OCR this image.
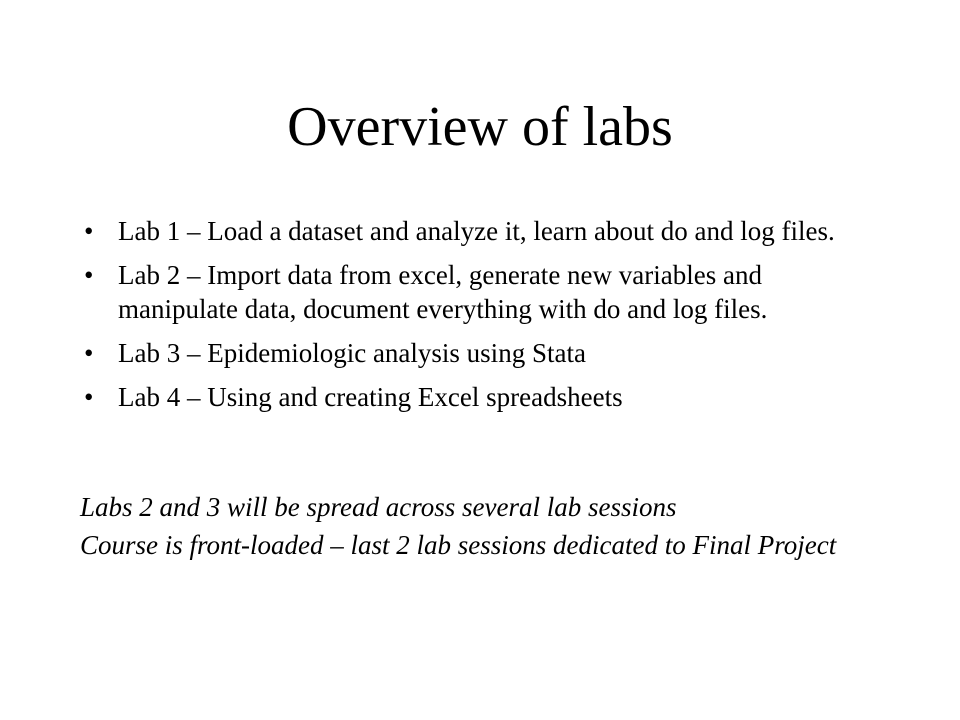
Overview of labs
• Lab 1 – Load a dataset and analyze it, learn about do and log files.
• Lab 2 – Import data from excel, generate new variables and manipulate data, document everything with do and log files.
• Lab 3 – Epidemiologic analysis using Stata
• Lab 4 – Using and creating Excel spreadsheets

Labs 2 and 3 will be spread across several lab sessions

Course is front-loaded – last 2 lab sessions dedicated to Final Project
